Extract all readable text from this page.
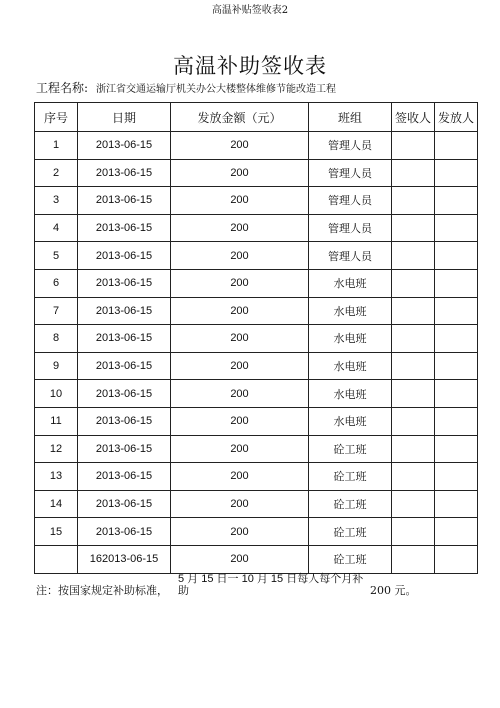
高温补贴签收表2
高温补助签收表
工程名称: 浙江省交通运输厅机关办公大楼整体维修节能改造工程
序号	日期	发放金额（元）	班组	签收人	发放人
1	2013-06-15	200	管理人员		
2	2013-06-15	200	管理人员		
3	2013-06-15	200	管理人员		
4	2013-06-15	200	管理人员		
5	2013-06-15	200	管理人员		
6	2013-06-15	200	水电班		
7	2013-06-15	200	水电班		
8	2013-06-15	200	水电班		
9	2013-06-15	200	水电班		
10	2013-06-15	200	水电班		
11	2013-06-15	200	水电班		
12	2013-06-15	200	砼工班		
13	2013-06-15	200	砼工班		
14	2013-06-15	200	砼工班		
15	2013-06-15	200	砼工班		
	162013-06-15	200	砼工班		
注：按国家规定补助标准，
5 月 15 日一 10 月 15 日每人每个月补
助	200 元。
